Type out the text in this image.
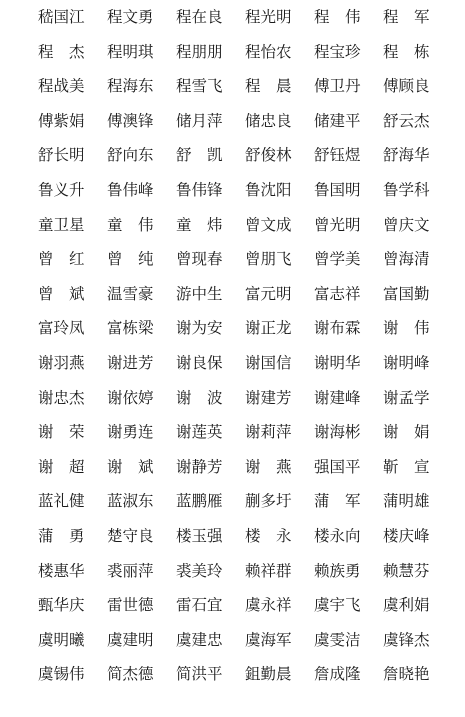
嵇国江	程文勇	程在良	程光明	程　伟	程　军
程　杰	程明琪	程朋朋	程怡农	程宝珍	程　栋
程战美	程海东	程雪飞	程　晨	傅卫丹	傅顾良
傅紫娟	傅澳锋	储月萍	储忠良	储建平	舒云杰
舒长明	舒向东	舒　凯	舒俊林	舒钰煜	舒海华
鲁义升	鲁伟峰	鲁伟锋	鲁沈阳	鲁国明	鲁学科
童卫星	童　伟	童　炜	曾文成	曾光明	曾庆文
曾　红	曾　纯	曾现春	曾朋飞	曾学美	曾海清
曾　斌	温雪豪	游中生	富元明	富志祥	富国勤
富玲凤	富栋梁	谢为安	谢正龙	谢布霖	谢　伟
谢羽燕	谢进芳	谢良保	谢国信	谢明华	谢明峰
谢忠杰	谢依婷	谢　波	谢建芳	谢建峰	谢孟学
谢　荣	谢勇连	谢莲英	谢莉萍	谢海彬	谢　娟
谢　超	谢　斌	谢静芳	谢　燕	强国平	靳　宣
蓝礼健	蓝淑东	蓝鹏雁	蒯多圩	蒲　军	蒲明雄
蒲　勇	楚守良	楼玉强	楼　永	楼永向	楼庆峰
楼惠华	裘丽萍	裘美玲	赖祥群	赖族勇	赖慧芬
甄华庆	雷世德	雷石宜	虞永祥	虞宇飞	虞利娟
虞明曦	虞建明	虞建忠	虞海军	虞雯洁	虞锋杰
虞锡伟	简杰德	简洪平	鉏勤晨	詹成隆	詹晓艳
